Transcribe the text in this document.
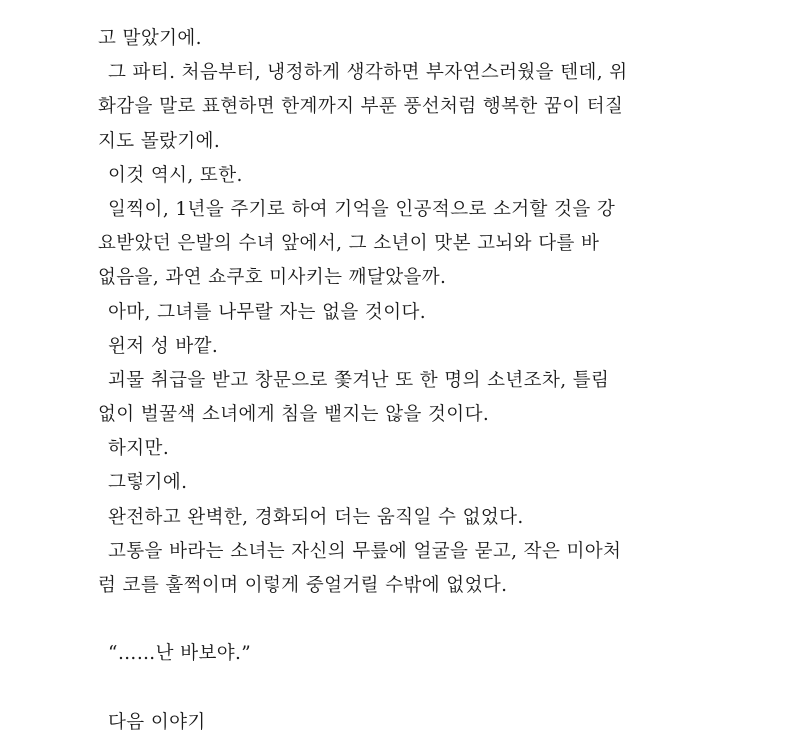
고 말았기에.
그 파티. 처음부터, 냉정하게 생각하면 부자연스러웠을 텐데, 위
화감을 말로 표현하면 한계까지 부푼 풍선처럼 행복한 꿈이 터질
지도 몰랐기에.
이것 역시, 또한.
일찍이, 1년을 주기로 하여 기억을 인공적으로 소거할 것을 강
요받았던 은발의 수녀 앞에서, 그 소년이 맛본 고뇌와 다를 바
없음을, 과연 쇼쿠호 미사키는 깨달았을까.
아마, 그녀를 나무랄 자는 없을 것이다.
윈저 성 바깥.
괴물 취급을 받고 창문으로 쫓겨난 또 한 명의 소년조차, 틀림
없이 벌꿀색 소녀에게 침을 뱉지는 않을 것이다.
하지만.
그렇기에.
완전하고 완벽한, 경화되어 더는 움직일 수 없었다.
고통을 바라는 소녀는 자신의 무릎에 얼굴을 묻고, 작은 미아처
럼 코를 훌쩍이며 이렇게 중얼거릴 수밖에 없었다.
“……난 바보야.”
다음 이야기
